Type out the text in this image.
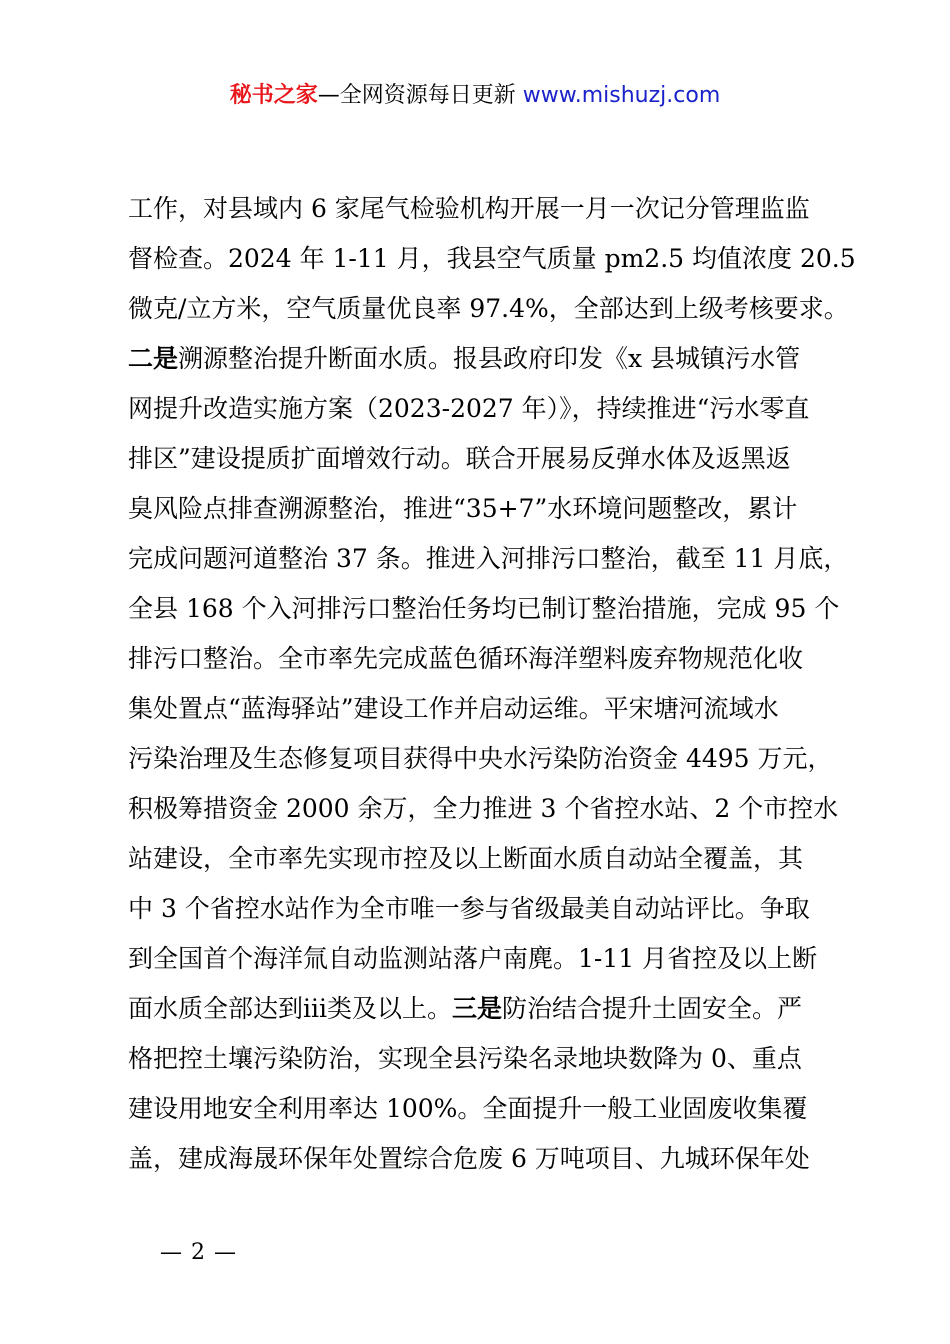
秘书之家—全网资源每日更新 www.mishuzj.com
工作，对县域内 6 家尾气检验机构开展一月一次记分管理监监
督检查。2024 年 1-11 月，我县空气质量 pm2.5 均值浓度 20.5
微克/立方米，空气质量优良率 97.4%，全部达到上级考核要求。
二是溯源整治提升断面水质。报县政府印发《x 县城镇污水管
网提升改造实施方案（2023-2027 年）》，持续推进“污水零直
排区”建设提质扩面增效行动。联合开展易反弹水体及返黑返
臭风险点排查溯源整治，推进“35+7”水环境问题整改，累计
完成问题河道整治 37 条。推进入河排污口整治，截至 11 月底，
全县 168 个入河排污口整治任务均已制订整治措施，完成 95 个
排污口整治。全市率先完成蓝色循环海洋塑料废弃物规范化收
集处置点“蓝海驿站”建设工作并启动运维。平宋塘河流域水
污染治理及生态修复项目获得中央水污染防治资金 4495 万元，
积极筹措资金 2000 余万，全力推进 3 个省控水站、2 个市控水
站建设，全市率先实现市控及以上断面水质自动站全覆盖，其
中 3 个省控水站作为全市唯一参与省级最美自动站评比。争取
到全国首个海洋氚自动监测站落户南麂。1-11 月省控及以上断
面水质全部达到ⅲ类及以上。三是防治结合提升土固安全。严
格把控土壤污染防治，实现全县污染名录地块数降为 0、重点
建设用地安全利用率达 100%。全面提升一般工业固废收集覆
盖，建成海晟环保年处置综合危废 6 万吨项目、九城环保年处
— 2 —
